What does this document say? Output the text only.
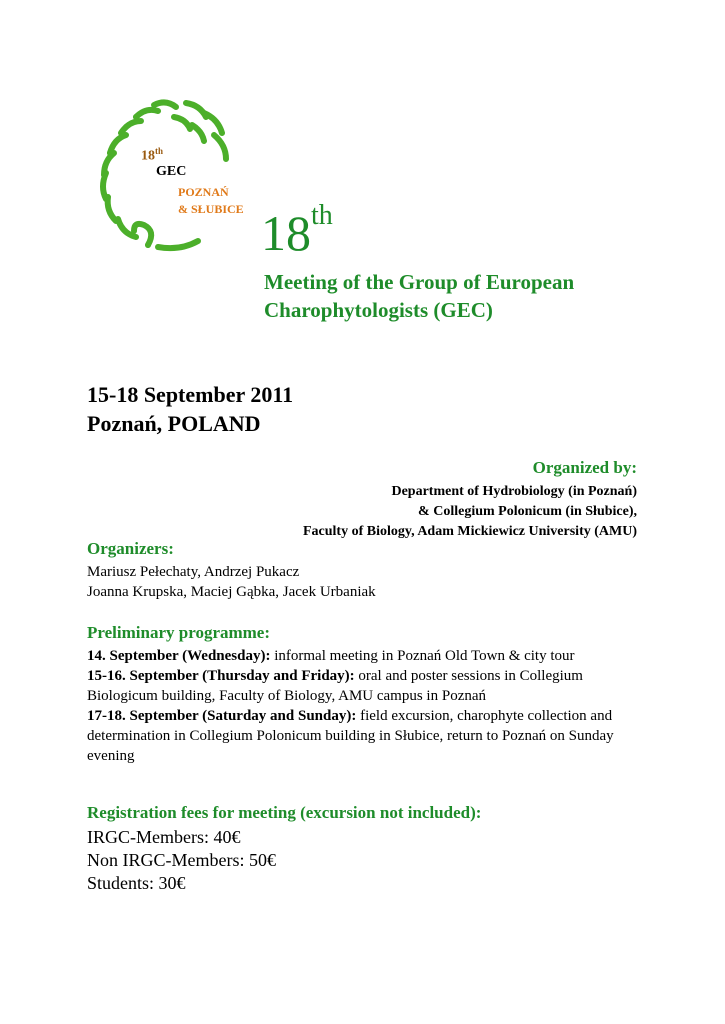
18th
GEC
POZNAŃ
& SŁUBICE 18th
Meeting of the Group of European
Charophytologists (GEC)
15-18 September 2011
Poznań, POLAND
Organized by:
Department of Hydrobiology (in Poznań)
& Collegium Polonicum (in Słubice),
Faculty of Biology, Adam Mickiewicz University (AMU)
Organizers:
Mariusz Pełechaty, Andrzej Pukacz
Joanna Krupska, Maciej Gąbka, Jacek Urbaniak
Preliminary programme:
14. September (Wednesday): informal meeting in Poznań Old Town & city tour
15-16. September (Thursday and Friday): oral and poster sessions in Collegium Biologicum building, Faculty of Biology, AMU campus in Poznań
17-18. September (Saturday and Sunday): field excursion, charophyte collection and determination in Collegium Polonicum building in Słubice, return to Poznań on Sunday evening
Registration fees for meeting (excursion not included):
IRGC-Members: 40€
Non IRGC-Members: 50€
Students: 30€
